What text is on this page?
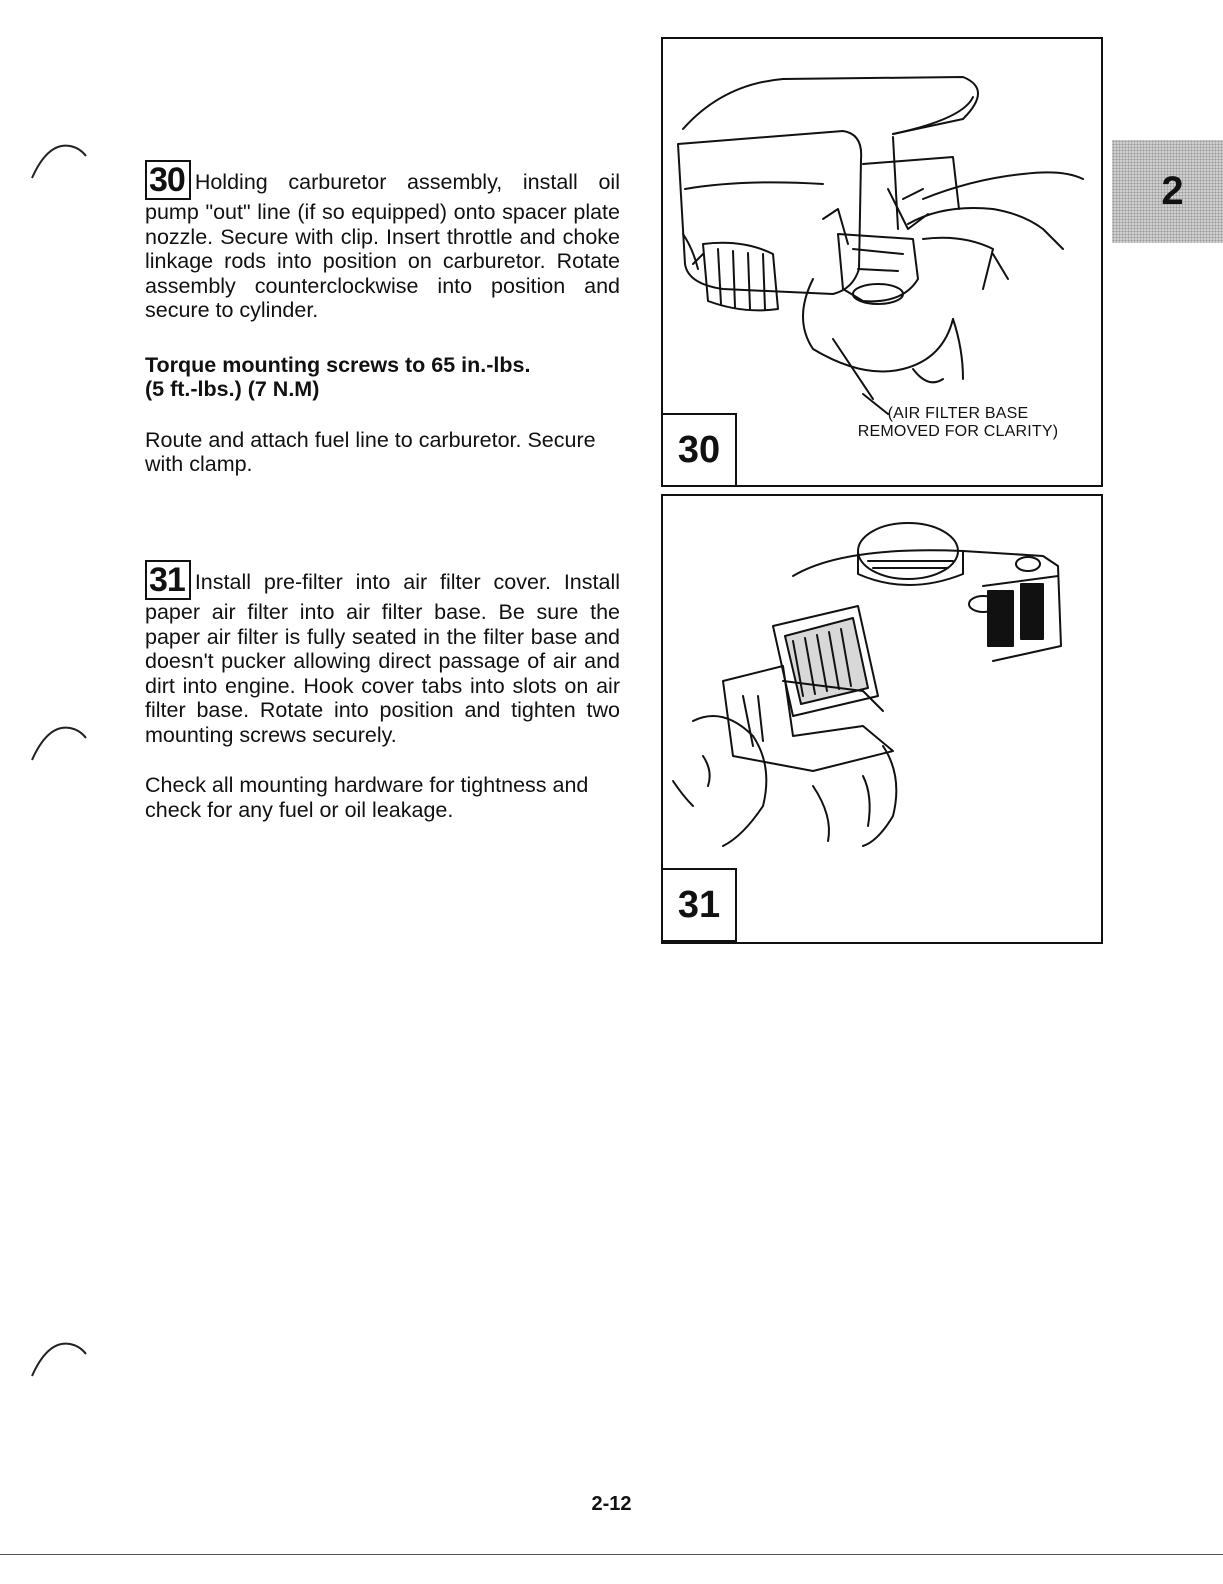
30 Holding carburetor assembly, install oil pump "out" line (if so equipped) onto spacer plate nozzle. Secure with clip. Insert throttle and choke linkage rods into position on carburetor. Rotate assembly counterclockwise into position and secure to cylinder.

Torque mounting screws to 65 in.-lbs.
(5 ft.-lbs.) (7 N.M)

Route and attach fuel line to carburetor. Secure with clamp.

31 Install pre-filter into air filter cover. Install paper air filter into air filter base. Be sure the paper air filter is fully seated in the filter base and doesn't pucker allowing direct passage of air and dirt into engine. Hook cover tabs into slots on air filter base. Rotate into position and tighten two mounting screws securely.

Check all mounting hardware for tightness and check for any fuel or oil leakage.

(AIR FILTER BASE
REMOVED FOR CLARITY)
30
31
2
2-12
